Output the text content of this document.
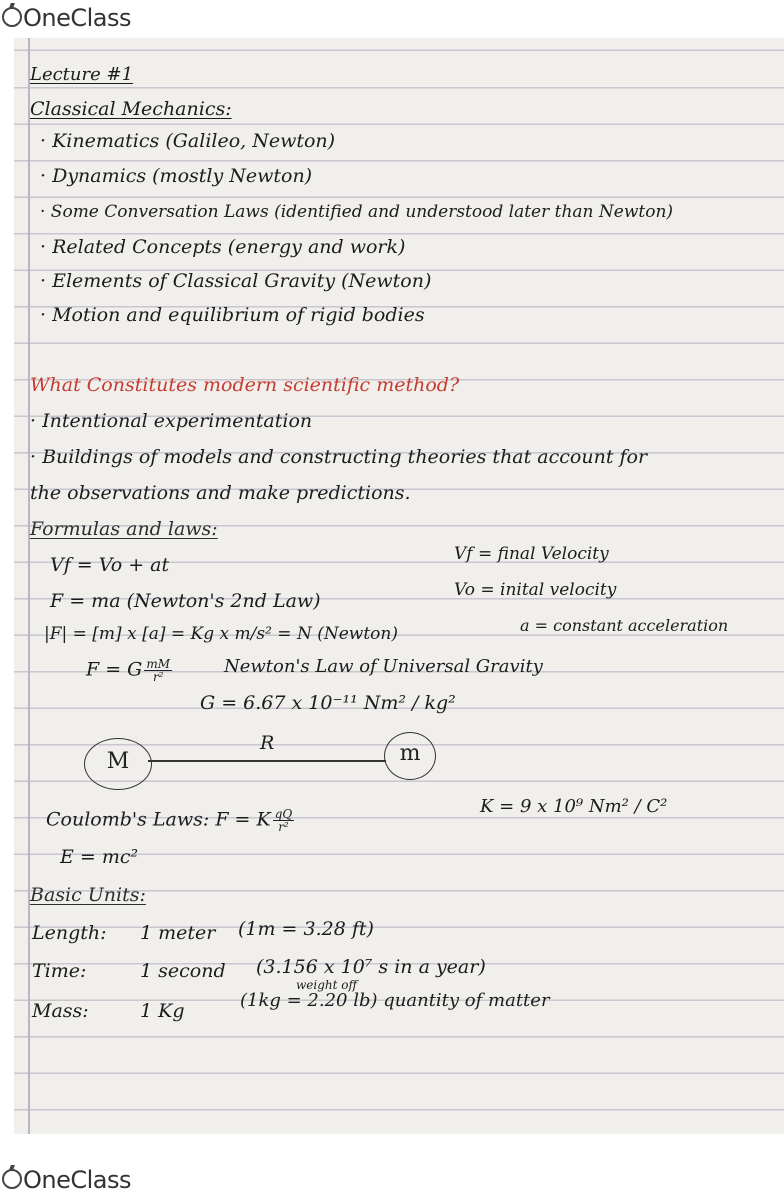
OneClass
Lecture #1
Classical Mechanics:
· Kinematics (Galileo, Newton)
· Dynamics (mostly Newton)
· Some Conversation Laws (identified and understood later than Newton)
· Related Concepts (energy and work)
· Elements of Classical Gravity (Newton)
· Motion and equilibrium of rigid bodies
What Constitutes modern scientific method?
· Intentional experimentation
· Buildings of models and constructing theories that account for
the observations and make predictions.
Formulas and laws:
Vf = Vo + at	Vf = final Velocity
F = ma (Newton's 2nd Law)	Vo = inital velocity
|F| = [m] x [a] = Kg x m/s² = N (Newton)	a = constant acceleration
F = G $\frac{mM}{\text{r²}}$	Newton's Law of Universal Gravity
G = 6.67 x 10⁻¹¹ Nm² / kg²
M	m
R
Coulomb's Laws: F = K $\frac{qQ}{\text{r²}}$
K = 9 x 10⁹ Nm² / C²
E = mc²
Basic Units:
Length: 1 meter (1m = 3.28 ft)
Time:	1 second (3.156 x 10⁷ s in a year)
weight off
Mass:	1 Kg	(1kg = 2.20 lb) quantity of matter
OneClass
